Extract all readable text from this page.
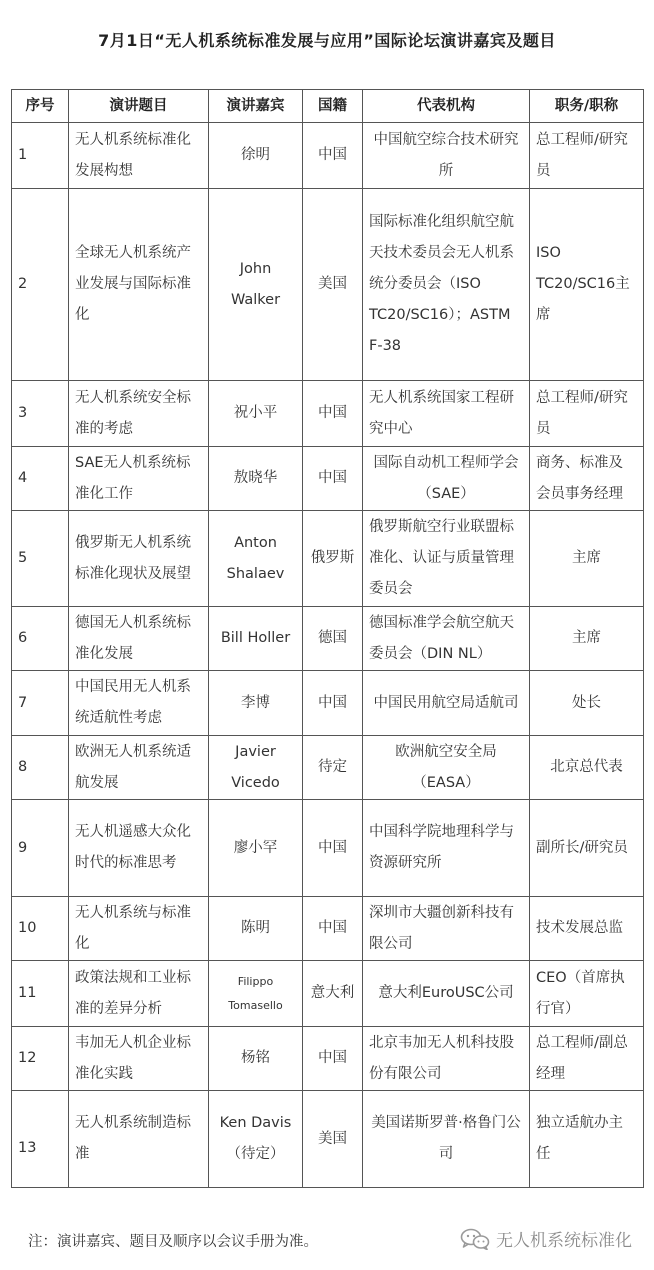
7月1日“无人机系统标准发展与应用”国际论坛演讲嘉宾及题目
序号	演讲题目	演讲嘉宾	国籍	代表机构	职务/职称
1	无人机系统标准化发展构想	徐明	中国	中国航空综合技术研究所	总工程师/研究员
2	全球无人机系统产业发展与国际标准化	John Walker	美国	国际标准化组织航空航天技术委员会无人机系统分委员会（ISO TC20/SC16）；ASTM F-38	ISO TC20/SC16主席
3	无人机系统安全标准的考虑	祝小平	中国	无人机系统国家工程研究中心	总工程师/研究员
4	SAE无人机系统标准化工作	敖晓华	中国	国际自动机工程师学会（SAE）	商务、标准及会员事务经理
5	俄罗斯无人机系统标准化现状及展望	Anton Shalaev	俄罗斯	俄罗斯航空行业联盟标准化、认证与质量管理委员会	主席
6	德国无人机系统标准化发展	Bill Holler	德国	德国标准学会航空航天委员会（DIN NL）	主席
7	中国民用无人机系统适航性考虑	李博	中国	中国民用航空局适航司	处长
8	欧洲无人机系统适航发展	Javier Vicedo	待定	欧洲航空安全局（EASA）	北京总代表
9	无人机遥感大众化时代的标准思考	廖小罕	中国	中国科学院地理科学与资源研究所	副所长/研究员
10	无人机系统与标准化	陈明	中国	深圳市大疆创新科技有限公司	技术发展总监
11	政策法规和工业标准的差异分析	Filippo Tomasello	意大利	意大利EuroUSC公司	CEO（首席执行官）
12	韦加无人机企业标准化实践	杨铭	中国	北京韦加无人机科技股份有限公司	总工程师/副总经理
13	无人机系统制造标准	Ken Davis（待定）	美国	美国诺斯罗普·格鲁门公司	独立适航办主任
注：演讲嘉宾、题目及顺序以会议手册为准。	无人机系统标准化
